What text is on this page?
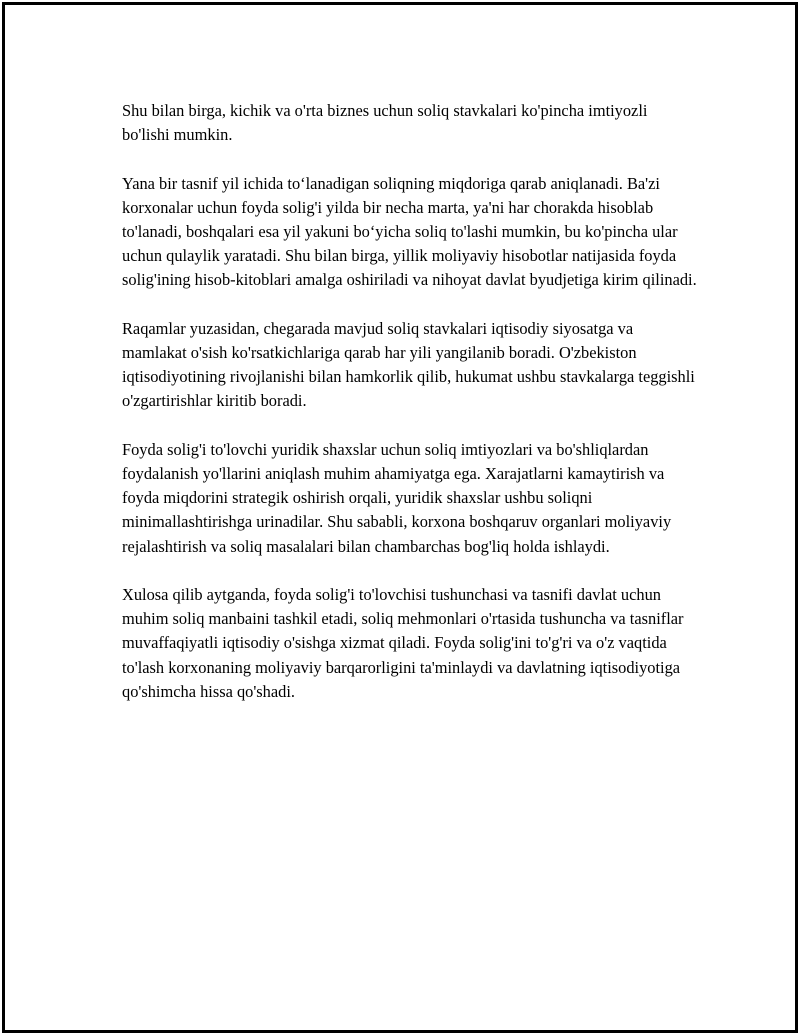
Shu bilan birga, kichik va o'rta biznes uchun soliq stavkalari ko'pincha imtiyozli bo'lishi mumkin.

Yana bir tasnif yil ichida to‘lanadigan soliqning miqdoriga qarab aniqlanadi. Ba'zi korxonalar uchun foyda solig'i yilda bir necha marta, ya'ni har chorakda hisoblab to'lanadi, boshqalari esa yil yakuni bo‘yicha soliq to'lashi mumkin, bu ko'pincha ular uchun qulaylik yaratadi. Shu bilan birga, yillik moliyaviy hisobotlar natijasida foyda solig'ining hisob-kitoblari amalga oshiriladi va nihoyat davlat byudjetiga kirim qilinadi.

Raqamlar yuzasidan, chegarada mavjud soliq stavkalari iqtisodiy siyosatga va mamlakat o'sish ko'rsatkichlariga qarab har yili yangilanib boradi. O'zbekiston iqtisodiyotining rivojlanishi bilan hamkorlik qilib, hukumat ushbu stavkalarga teggishli o'zgartirishlar kiritib boradi.

Foyda solig'i to'lovchi yuridik shaxslar uchun soliq imtiyozlari va bo'shliqlardan foydalanish yo'llarini aniqlash muhim ahamiyatga ega. Xarajatlarni kamaytirish va foyda miqdorini strategik oshirish orqali, yuridik shaxslar ushbu soliqni minimallashtirishga urinadilar. Shu sababli, korxona boshqaruv organlari moliyaviy rejalashtirish va soliq masalalari bilan chambarchas bog'liq holda ishlaydi.

Xulosa qilib aytganda, foyda solig'i to'lovchisi tushunchasi va tasnifi davlat uchun muhim soliq manbaini tashkil etadi, soliq mehmonlari o'rtasida tushuncha va tasniflar muvaffaqiyatli iqtisodiy o'sishga xizmat qiladi. Foyda solig'ini to'g'ri va o'z vaqtida to'lash korxonaning moliyaviy barqarorligini ta'minlaydi va davlatning iqtisodiyotiga qo'shimcha hissa qo'shadi.
